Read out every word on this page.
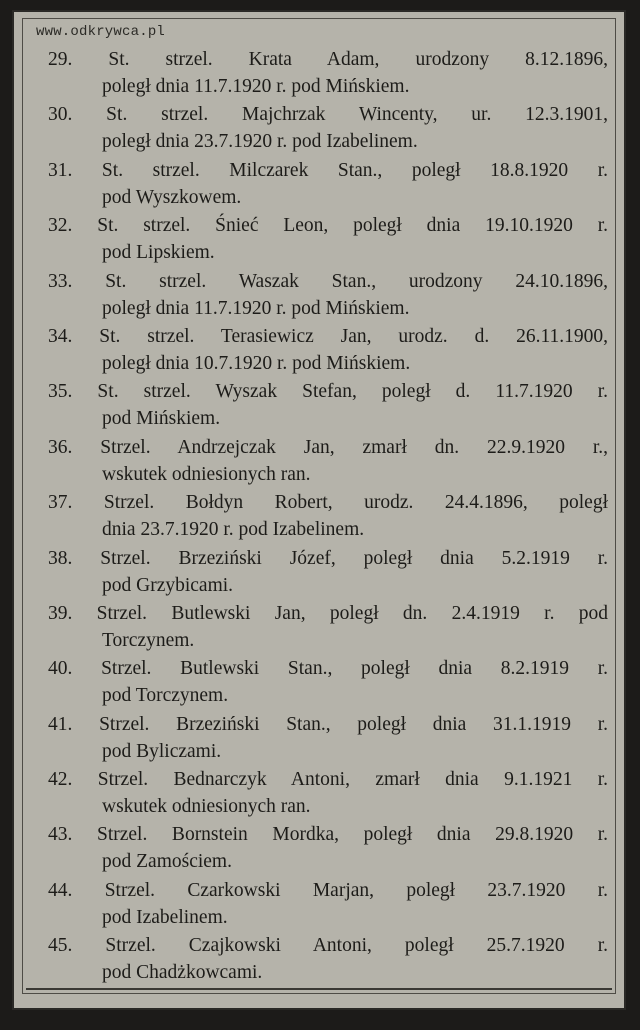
www.odkrywca.pl
29. St. strzel. Krata Adam, urodzony 8.12.1896,
poległ dnia 11.7.1920 r. pod Mińskiem.
30. St. strzel. Majchrzak Wincenty, ur. 12.3.1901,
poległ dnia 23.7.1920 r. pod Izabelinem.
31. St. strzel. Milczarek Stan., poległ 18.8.1920 r.
pod Wyszkowem.
32. St. strzel. Śnieć Leon, poległ dnia 19.10.1920 r.
pod Lipskiem.
33. St. strzel. Waszak Stan., urodzony 24.10.1896,
poległ dnia 11.7.1920 r. pod Mińskiem.
34. St. strzel. Terasiewicz Jan, urodz. d. 26.11.1900,
poległ dnia 10.7.1920 r. pod Mińskiem.
35. St. strzel. Wyszak Stefan, poległ d. 11.7.1920 r.
pod Mińskiem.
36. Strzel. Andrzejczak Jan, zmarł dn. 22.9.1920 r.,
wskutek odniesionych ran.
37. Strzel. Bołdyn Robert, urodz. 24.4.1896, poległ
dnia 23.7.1920 r. pod Izabelinem.
38. Strzel. Brzeziński Józef, poległ dnia 5.2.1919 r.
pod Grzybicami.
39. Strzel. Butlewski Jan, poległ dn. 2.4.1919 r. pod
Torczynem.
40. Strzel. Butlewski Stan., poległ dnia 8.2.1919 r.
pod Torczynem.
41. Strzel. Brzeziński Stan., poległ dnia 31.1.1919 r.
pod Byliczami.
42. Strzel. Bednarczyk Antoni, zmarł dnia 9.1.1921 r.
wskutek odniesionych ran.
43. Strzel. Bornstein Mordka, poległ dnia 29.8.1920 r.
pod Zamościem.
44. Strzel. Czarkowski Marjan, poległ 23.7.1920 r.
pod Izabelinem.
45. Strzel. Czajkowski Antoni, poległ 25.7.1920 r.
pod Chadżkowcami.
